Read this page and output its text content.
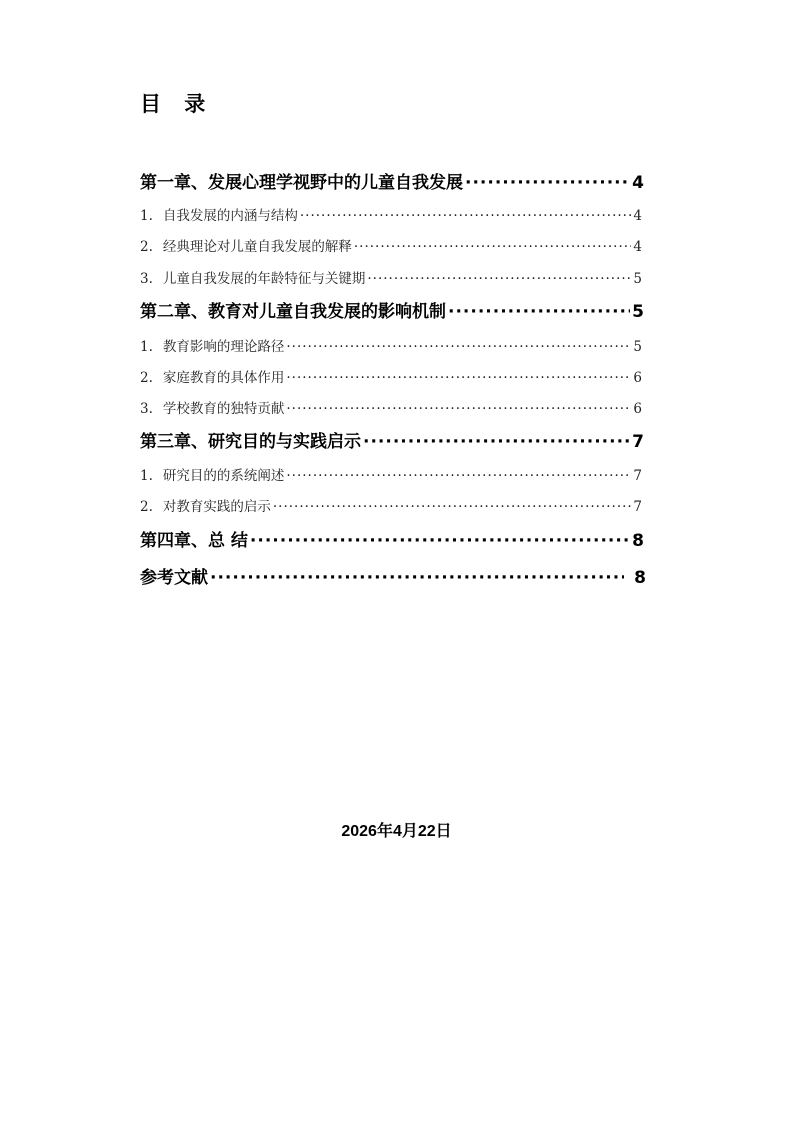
目 录
第一章、发展心理学视野中的儿童自我发展 ·····	4
1. 自我发展的内涵与结构 ·····	4
2. 经典理论对儿童自我发展的解释 ·····	4
3. 儿童自我发展的年龄特征与关键期 ·····	5
第二章、教育对儿童自我发展的影响机制 ·····	5
1. 教育影响的理论路径 ·····	5
2. 家庭教育的具体作用 ·····	6
3. 学校教育的独特贡献 ·····	6
第三章、研究目的与实践启示 ·····	7
1. 研究目的的系统阐述 ·····	7
2. 对教育实践的启示 ·····	7
第四章、总 结 ·····	8
参考文献 ·····	8
2026年4月22日
